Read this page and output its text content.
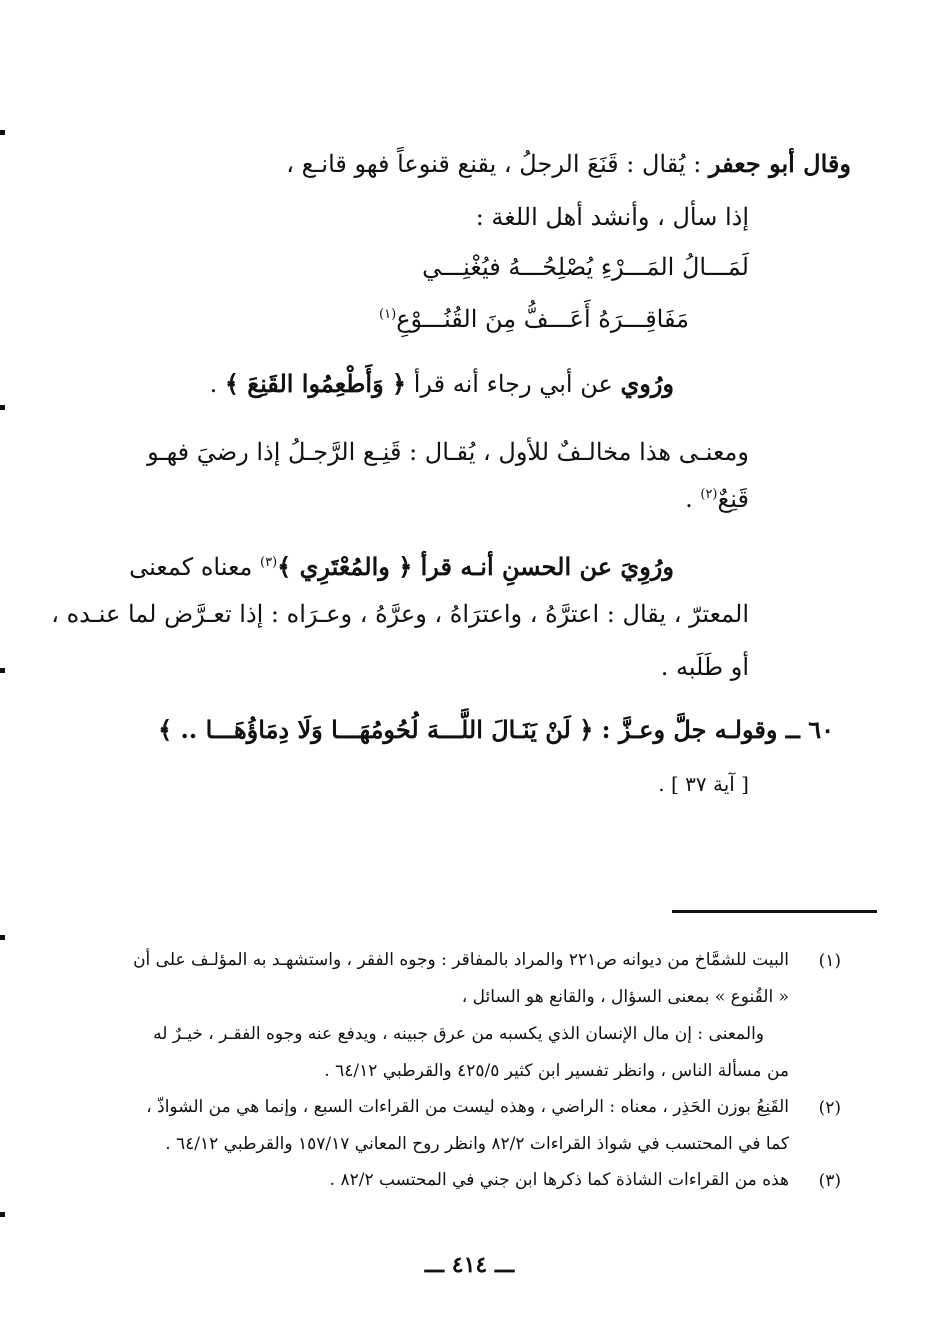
وقال أبو جعفر : يُقال : قَنَعَ الرجلُ ، يقنع قنوعاً فهو قانـع ،
إذا سأل ، وأنشد أهل اللغة :
لَمَـــالُ المَـــرْءِ يُصْلِحُـــهُ فيُغْنِـــي
مَفَاقِـــرَهُ أَعَـــفُّ مِنَ القُنُـــوْعِ$^{(١)}$
ورُوي عن أبي رجاء أنه قرأ ﴿ وَأَطْعِمُوا القَنِعَ ﴾ .
ومعنـى هذا مخالـفٌ للأول ، يُقـال : قَنِـع الرَّجـلُ إذا رضيَ فهـو
قَنِعٌ$^{(٢)}$ .
ورُوِيَ عن الحسنِ أنـه قرأ ﴿ والمُعْتَرِي ﴾$^{(٣)}$ معناه كمعنى
المعترّ ، يقال : اعترَّهُ ، واعترَاهُ ، وعرَّهُ ، وعـرَاه : إذا تعـرَّض لما عنـده ،
أو طَلَبه .
٦٠ ــ وقولـه جلَّ وعـزَّ : ﴿ لَنْ يَنَـالَ اللَّـــهَ لُحُومُهَـــا وَلَا دِمَاؤُهَـــا .. ﴾
[ آية ٣٧ ] .
(١)
البيت للشمَّاخ من ديوانه ص٢٢١ والمراد بالمفاقر : وجوه الفقر ، واستشهـد به المؤلـف على أن
« القُنوع » بمعنى السؤال ، والقانع هو السائل ،
والمعنى : إن مال الإنسان الذي يكسبه من عرق جبينه ، ويدفع عنه وجوه الفقـر ، خيـرٌ له
من مسألة الناس ، وانظر تفسير ابن كثير ٤٢٥/٥ والقرطبي ٦٤/١٢ .
(٢)
القَنِعُ بوزن الحَذِر ، معناه : الراضي ، وهذه ليست من القراءات السبع ، وإنما هي من الشواذّ ،
كما في المحتسب في شواذ القراءات ٨٢/٢ وانظر روح المعاني ١٥٧/١٧ والقرطبي ٦٤/١٢ .
(٣)
هذه من القراءات الشاذة كما ذكرها ابن جني في المحتسب ٨٢/٢ .
ـــ ٤١٤ ـــ
